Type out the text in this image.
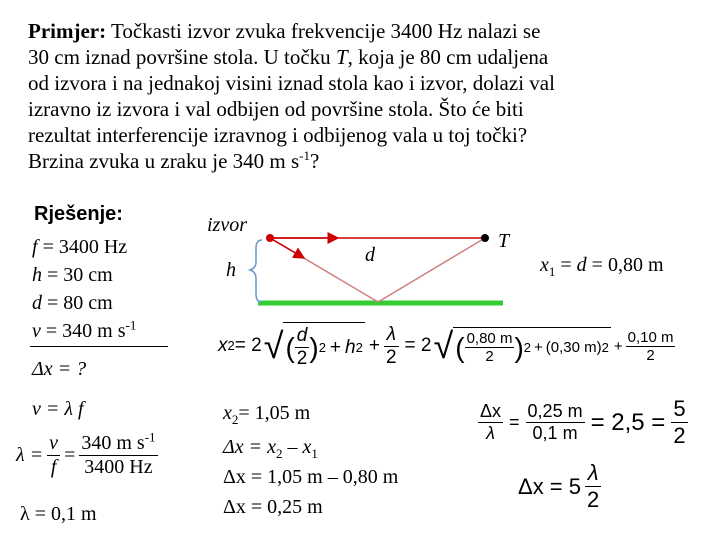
Primjer: Točkasti izvor zvuka frekvencije 3400 Hz nalazi se
30 cm iznad površine stola. U točku T, koja je 80 cm udaljena
od izvora i na jednakoj visini iznad stola kao i izvor, dolazi val
izravno iz izvora i val odbijen od površine stola. Što će biti
rezultat interferencije izravnog i odbijenog vala u toj točki?
Brzina zvuka u zraku je 340 m $s^{-1}$?
Rješenje:
f = 3400 Hz
h = 30 cm
d = 80 cm
v = 340 m $s^{-1}$
Δx = ?
v = λ f
$\lambda = \frac{v}{f} = \frac{340 m s^{-1}}{3400 Hz}$
λ = 0,1 m
izvor
T
d
h	$x_1 = d = 0,80$ m
x 2 = 2 √ ( $\frac{d}{2}$ ) 2 + h $2 + \frac{\lambda}{2} = 2$ √ ( $\frac{0,80 m}{2}$ ) 2 + (0,30 m) $2 + \frac{0,10 m}{2}$
$x_2= 1,05$ m
$\Delta x = x_2 - x_1$
Δx = 1,05 m – 0,80 m
Δx = 0,25 m
$\frac{\Delta x}{\lambda} = \frac{0,25 m}{0,1 m} = 2,5 = \frac{5}{2}$
$\Delta x = 5 \frac{\lambda}{2}$
